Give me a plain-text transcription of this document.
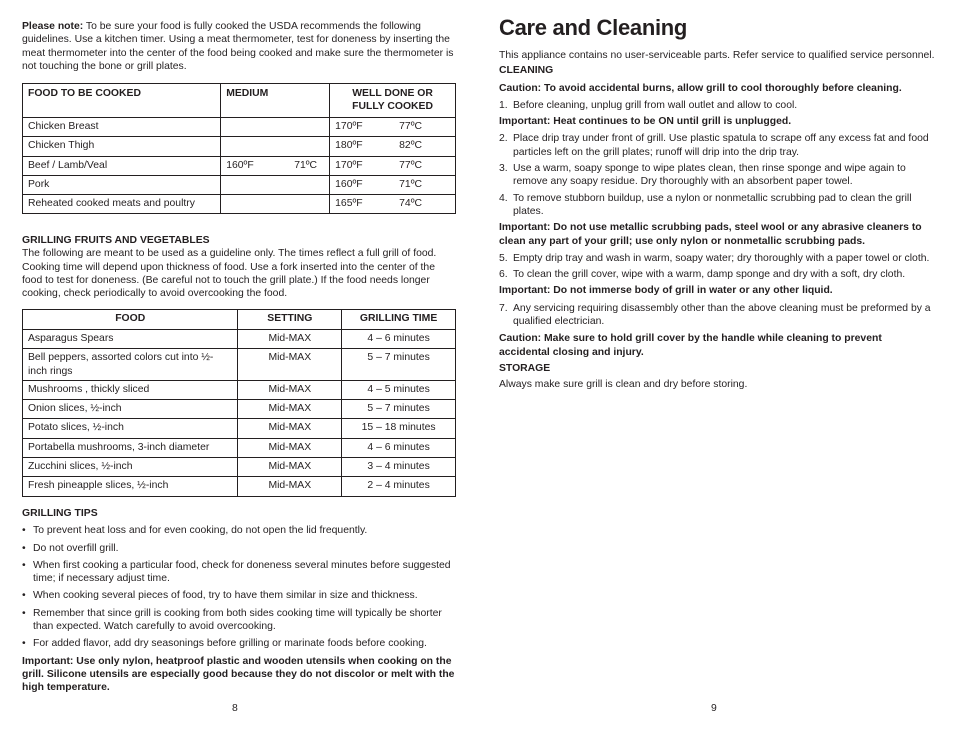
Please note: To be sure your food is fully cooked the USDA recommends the following guidelines. Use a kitchen timer. Using a meat thermometer, test for doneness by inserting the meat thermometer into the center of the food being cooked and make sure the thermometer is not touching the bone or grill plates.

FOOD TO BE COOKED	MEDIUM	WELL DONE OR FULLY COOKED
Chicken Breast		170ºF 77ºC

Chicken Thigh		180ºF 82ºC

Beef / Lamb/Veal	160ºF 71ºC	170ºF 77ºC

Pork		160ºF 71ºC

Reheated cooked meats and poultry		165ºF 74ºC

GRILLING FRUITS AND VEGETABLES

The following are meant to be used as a guideline only. The times reflect a full grill of food. Cooking time will depend upon thickness of food. Use a fork inserted into the center of the food to test for doneness. (Be careful not to touch the grill plate.) If the food needs longer cooking, check periodically to avoid overcooking the food.

FOOD	SETTING	GRILLING TIME
Asparagus Spears	Mid-MAX	4 – 6 minutes
Bell peppers, assorted colors cut into ½-inch rings	Mid-MAX	5 – 7 minutes
Mushrooms , thickly sliced	Mid-MAX	4 – 5 minutes
Onion slices, ½-inch	Mid-MAX	5 – 7 minutes
Potato slices, ½-inch	Mid-MAX	15 – 18 minutes
Portabella mushrooms, 3-inch diameter	Mid-MAX	4 – 6 minutes
Zucchini slices, ½-inch	Mid-MAX	3 – 4 minutes
Fresh pineapple slices, ½-inch	Mid-MAX	2 – 4 minutes

GRILLING TIPS

• To prevent heat loss and for even cooking, do not open the lid frequently.
• Do not overfill grill.
• When first cooking a particular food, check for doneness several minutes before suggested time; if necessary adjust time.
• When cooking several pieces of food, try to have them similar in size and thickness.
• Remember that since grill is cooking from both sides cooking time will typically be shorter than expected. Watch carefully to avoid overcooking.
• For added flavor, add dry seasonings before grilling or marinate foods before cooking.

Important: Use only nylon, heatproof plastic and wooden utensils when cooking on the grill. Silicone utensils are especially good because they do not discolor or melt with the high temperature.

8
Care and Cleaning

This appliance contains no user-serviceable parts. Refer service to qualified service personnel.

CLEANING

Caution: To avoid accidental burns, allow grill to cool thoroughly before cleaning.

1. Before cleaning, unplug grill from wall outlet and allow to cool.

Important: Heat continues to be ON until grill is unplugged.

2. Place drip tray under front of grill. Use plastic spatula to scrape off any excess fat and food particles left on the grill plates; runoff will drip into the drip tray.
3. Use a warm, soapy sponge to wipe plates clean, then rinse sponge and wipe again to remove any soapy residue. Dry thoroughly with an absorbent paper towel.
4. To remove stubborn buildup, use a nylon or nonmetallic scrubbing pad to clean the grill plates.

Important: Do not use metallic scrubbing pads, steel wool or any abrasive cleaners to clean any part of your grill; use only nylon or nonmetallic scrubbing pads.

5. Empty drip tray and wash in warm, soapy water; dry thoroughly with a paper towel or cloth.
6. To clean the grill cover, wipe with a warm, damp sponge and dry with a soft, dry cloth.

Important: Do not immerse body of grill in water or any other liquid.

7. Any servicing requiring disassembly other than the above cleaning must be preformed by a qualified electrician.

Caution: Make sure to hold grill cover by the handle while cleaning to prevent accidental closing and injury.

STORAGE

Always make sure grill is clean and dry before storing.

9
